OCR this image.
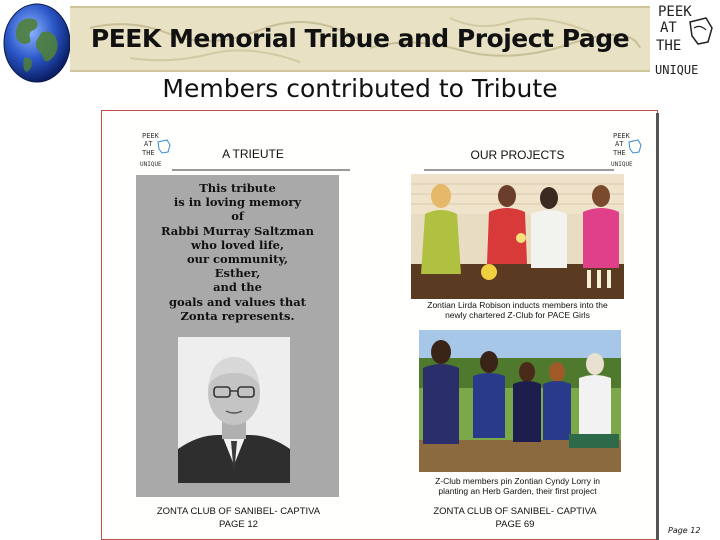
PEEK Memorial Tribue and Project Page
PEEK
AT
THE
UNIQUE
Members contributed to Tribute
PEEK
AT
THE
UNIQUE
A TRIEUTE
This tribute
is in loving memory
of
Rabbi Murray Saltzman
who loved life,
our community,
Esther,
and the
goals and values that
Zonta represents.
ZONTA CLUB OF SANIBEL- CAPTIVA
PAGE 12
PEEK
AT
THE
UNIQUE
OUR PROJECTS
Zontian Lirda Robison inducts members into the
newly chartered Z-Club for PACE Girls
Z-Club members pin Zontian Cyndy Lorry in
planting an Herb Garden, their first project
ZONTA CLUB OF SANIBEL- CAPTIVA
PAGE 69
Page 12
